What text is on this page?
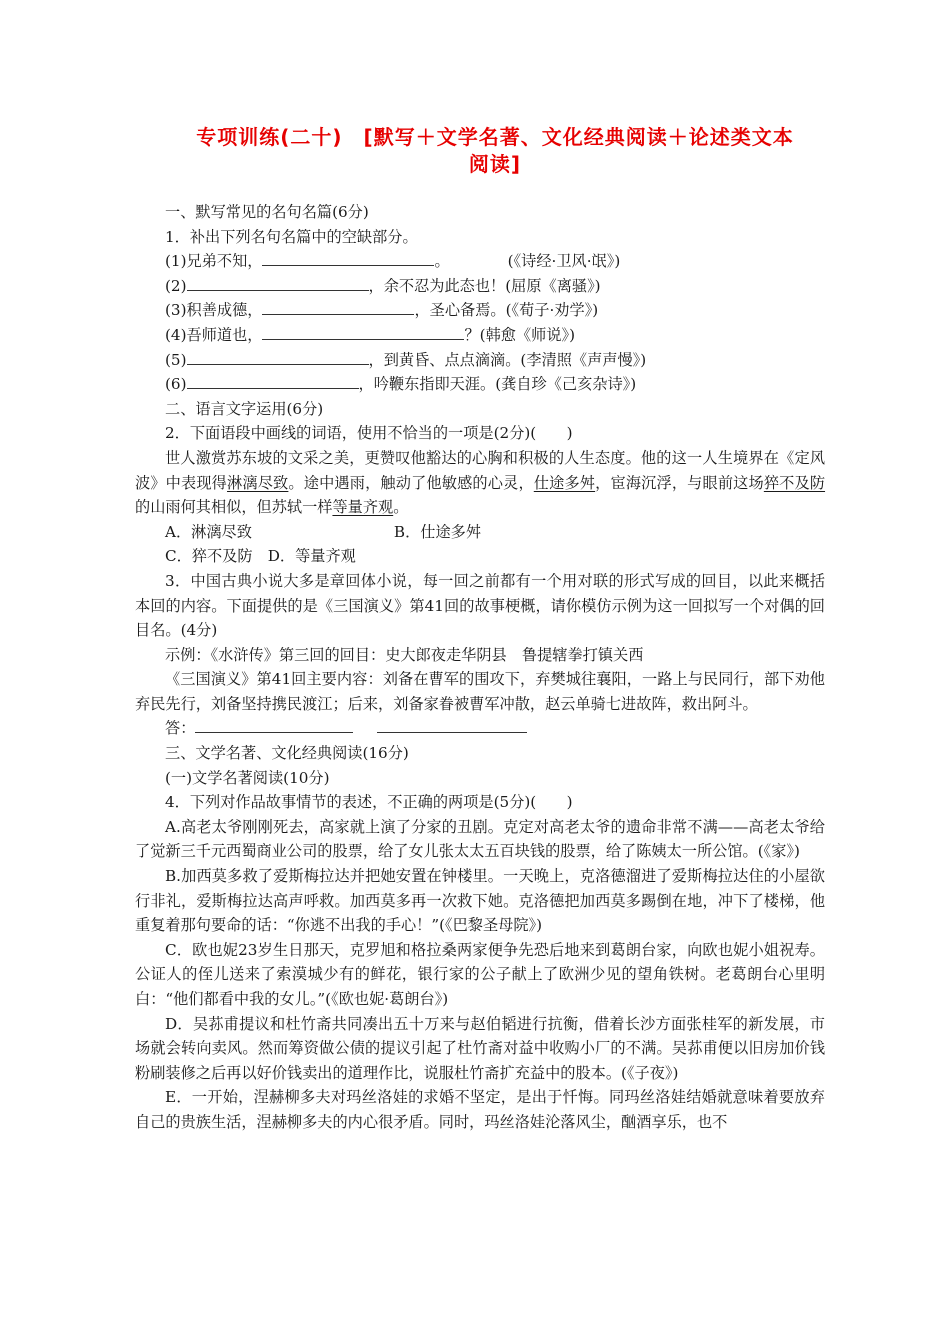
专项训练(二十)　[默写＋文学名著、文化经典阅读＋论述类文本
阅读]
一、默写常见的名句名篇(6分)
1．补出下列名句名篇中的空缺部分。
(1)兄弟不知，	。	(《诗经·卫风·氓》)
(2)	，余不忍为此态也！(屈原《离骚》)
(3)积善成德，	，圣心备焉。(《荀子·劝学》)
(4)吾师道也，	？(韩愈《师说》)
(5)	，到黄昏、点点滴滴。(李清照《声声慢》)
(6)	，吟鞭东指即天涯。(龚自珍《己亥杂诗》)
二、语言文字运用(6分)
2．下面语段中画线的词语，使用不恰当的一项是(2分)(　　)
世人激赏苏东坡的文采之美，更赞叹他豁达的心胸和积极的人生态度。他的这一人生境界在《定风波》中表现得淋漓尽致。途中遇雨，触动了他敏感的心灵，仕途多舛，宦海沉浮，与眼前这场猝不及防的山雨何其相似，但苏轼一样等量齐观。
A．淋漓尽致	B．仕途多舛
C．猝不及防　D．等量齐观
3．中国古典小说大多是章回体小说，每一回之前都有一个用对联的形式写成的回目，以此来概括本回的内容。下面提供的是《三国演义》第41回的故事梗概，请你模仿示例为这一回拟写一个对偶的回目名。(4分)
示例：《水浒传》第三回的回目：史大郎夜走华阴县　鲁提辖拳打镇关西
《三国演义》第41回主要内容：刘备在曹军的围攻下，弃樊城往襄阳，一路上与民同行，部下劝他弃民先行，刘备坚持携民渡江；后来，刘备家眷被曹军冲散，赵云单骑七进故阵，救出阿斗。
答：
三、文学名著、文化经典阅读(16分)
(一)文学名著阅读(10分)
4．下列对作品故事情节的表述，不正确的两项是(5分)(　　)
A.高老太爷刚刚死去，高家就上演了分家的丑剧。克定对高老太爷的遗命非常不满——高老太爷给了觉新三千元西蜀商业公司的股票，给了女儿张太太五百块钱的股票，给了陈姨太一所公馆。(《家》)
B.加西莫多救了爱斯梅拉达并把她安置在钟楼里。一天晚上，克洛德溜进了爱斯梅拉达住的小屋欲行非礼，爱斯梅拉达高声呼救。加西莫多再一次救下她。克洛德把加西莫多踢倒在地，冲下了楼梯，他重复着那句要命的话：“你逃不出我的手心！”(《巴黎圣母院》)
C．欧也妮23岁生日那天，克罗旭和格拉桑两家便争先恐后地来到葛朗台家，向欧也妮小姐祝寿。公证人的侄儿送来了索漠城少有的鲜花，银行家的公子献上了欧洲少见的望角铁树。老葛朗台心里明白：“他们都看中我的女儿。”(《欧也妮·葛朗台》)
D．吴荪甫提议和杜竹斋共同凑出五十万来与赵伯韬进行抗衡，借着长沙方面张桂军的新发展，市场就会转向卖风。然而筹资做公债的提议引起了杜竹斋对益中收购小厂的不满。吴荪甫便以旧房加价钱粉刷装修之后再以好价钱卖出的道理作比，说服杜竹斋扩充益中的股本。(《子夜》)
E．一开始，涅赫柳多夫对玛丝洛娃的求婚不坚定，是出于忏悔。同玛丝洛娃结婚就意味着要放弃自己的贵族生活，涅赫柳多夫的内心很矛盾。同时，玛丝洛娃沦落风尘，酗酒享乐，也不
